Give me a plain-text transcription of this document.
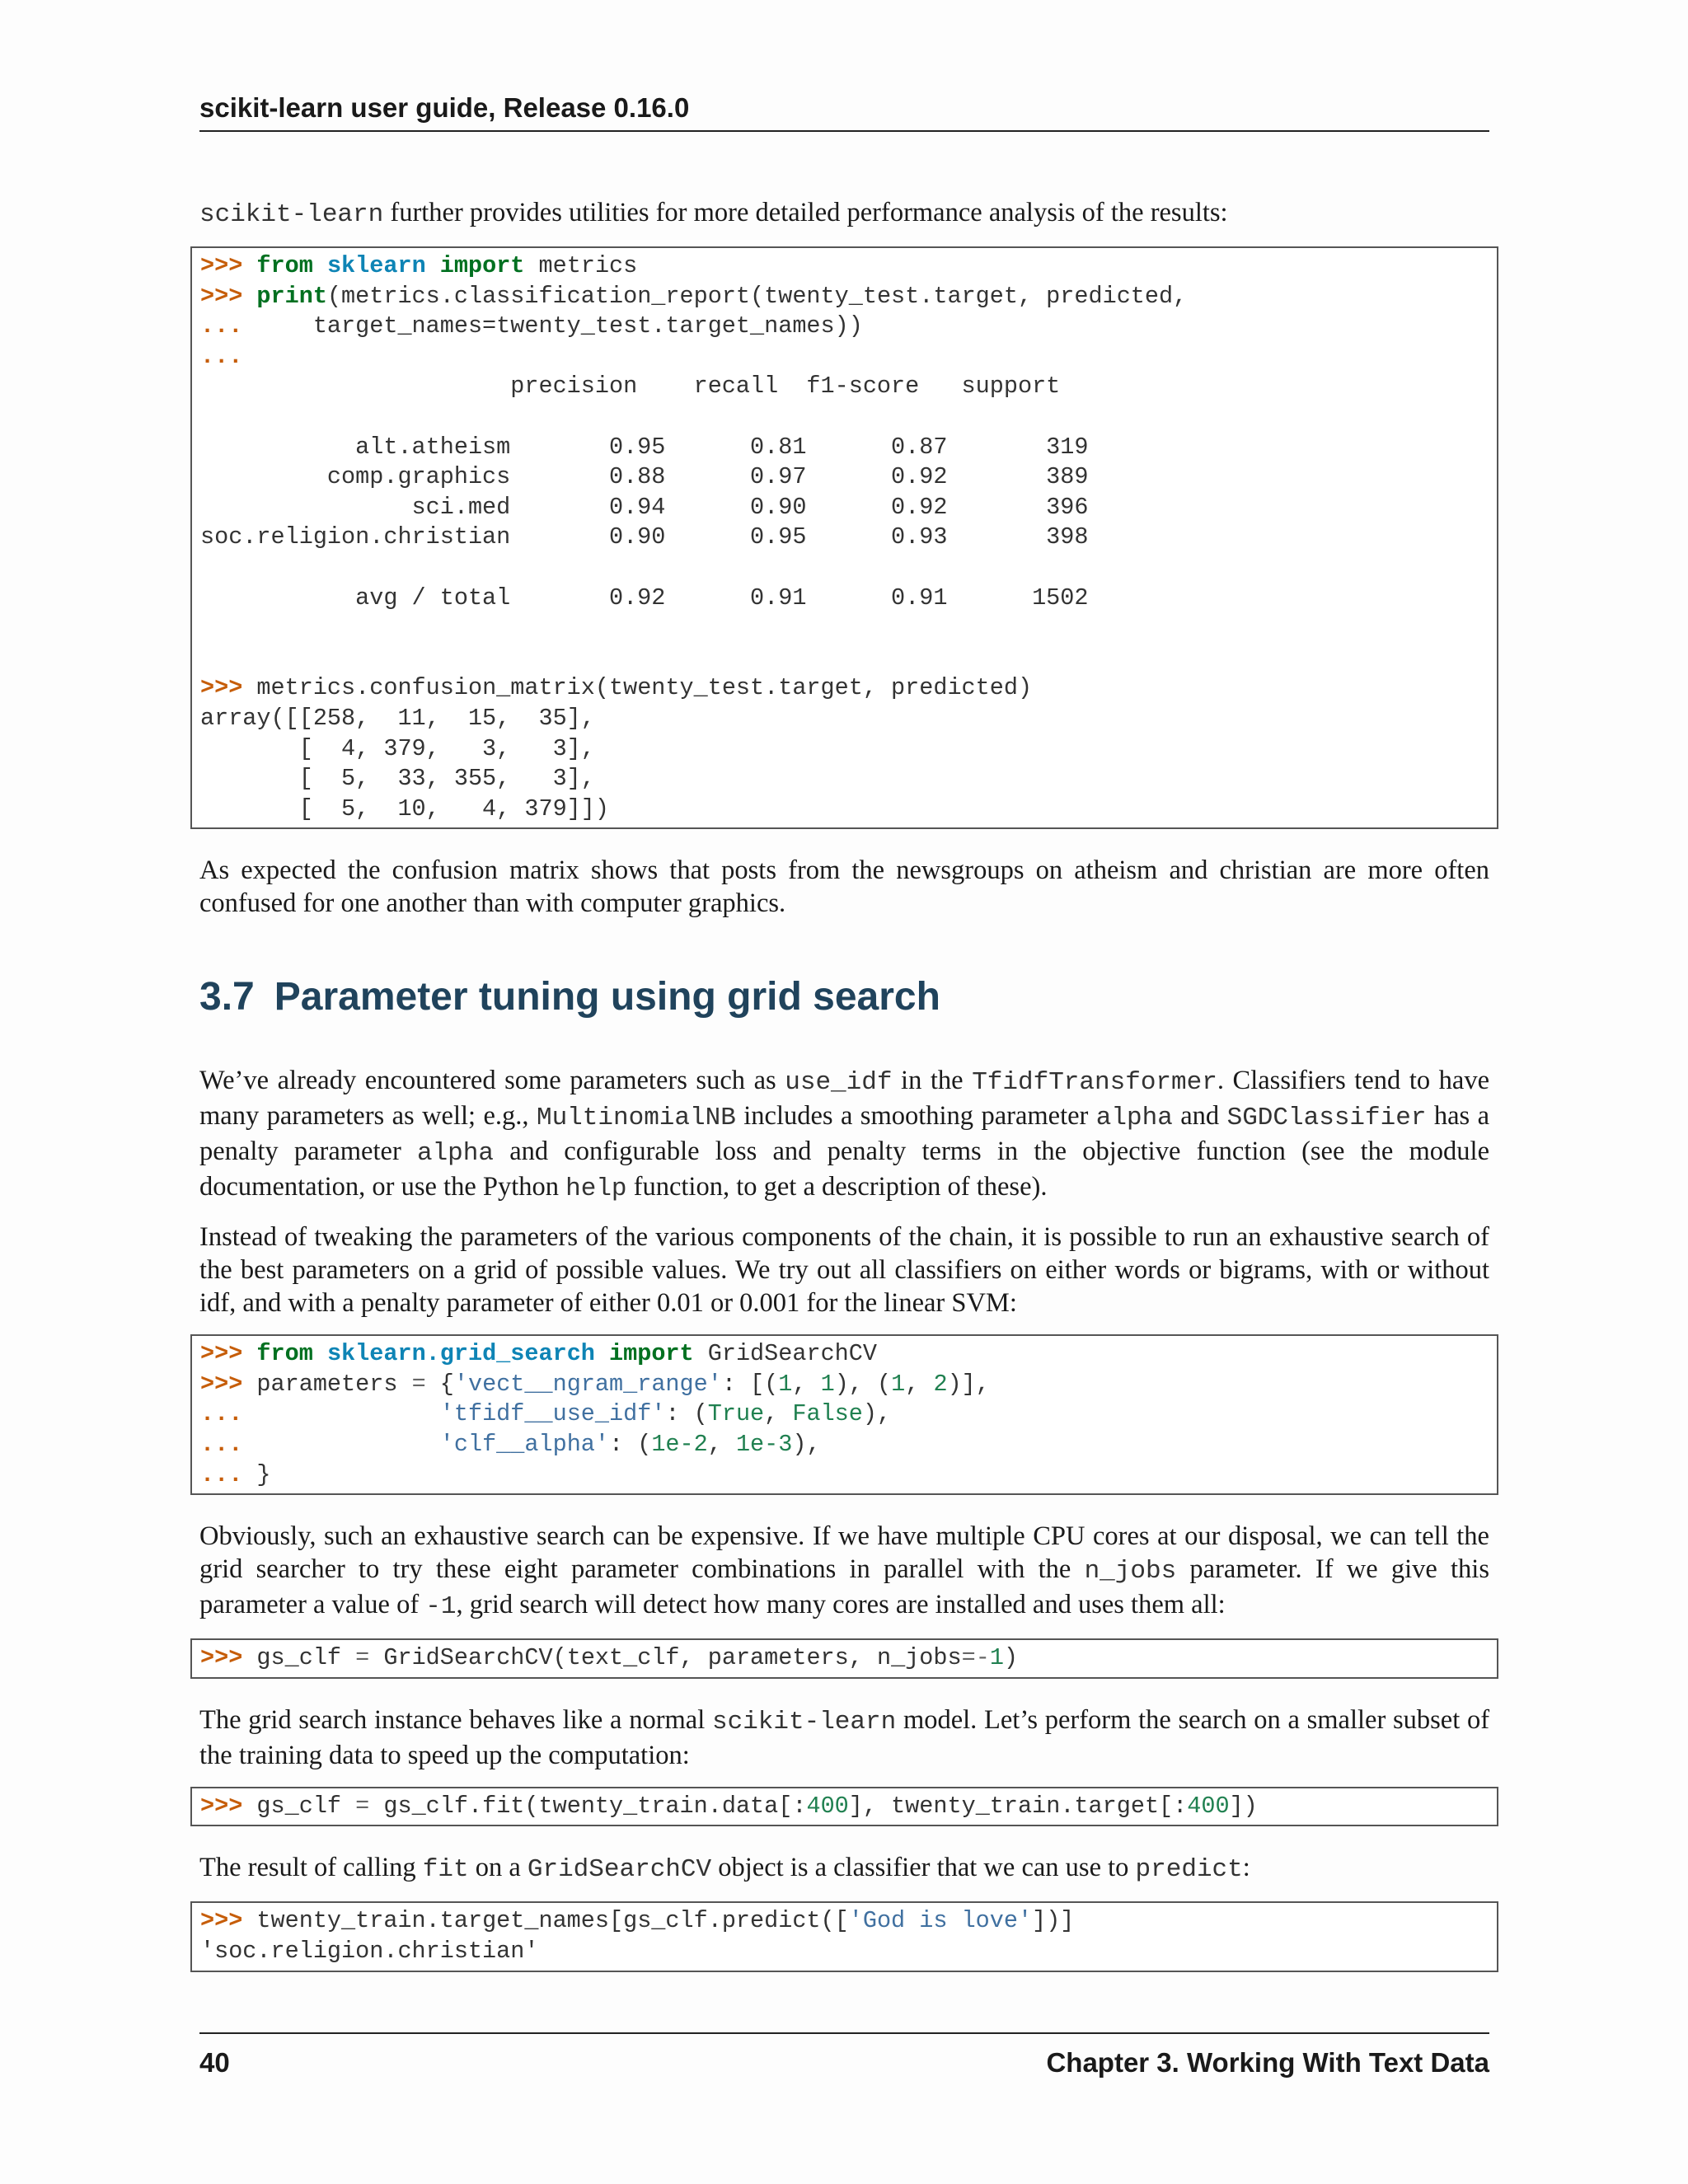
scikit-learn user guide, Release 0.16.0

scikit-learn further provides utilities for more detailed performance analysis of the results:

>>> from sklearn import metrics
>>> print(metrics.classification_report(twenty_test.target, predicted,
...     target_names=twenty_test.target_names))
...
precision    recall  f1-score   support
alt.atheism       0.95      0.81      0.87       319
comp.graphics       0.88      0.97      0.92       389
sci.med       0.94      0.90      0.92       396
soc.religion.christian       0.90      0.95      0.93       398
avg / total       0.92      0.91      0.91      1502
>>> metrics.confusion_matrix(twenty_test.target, predicted)
array([[258,  11,  15,  35],
[  4, 379,   3,   3],
[  5,  33, 355,   3],
[  5,  10,   4, 379]])

As expected the confusion matrix shows that posts from the newsgroups on atheism and christian are more often confused for one another than with computer graphics.

3.7 Parameter tuning using grid search

We’ve already encountered some parameters such as use_idf in the TfidfTransformer. Classifiers tend to have many parameters as well; e.g., MultinomialNB includes a smoothing parameter alpha and SGDClassifier has a penalty parameter alpha and configurable loss and penalty terms in the objective function (see the module documentation, or use the Python help function, to get a description of these).

Instead of tweaking the parameters of the various components of the chain, it is possible to run an exhaustive search of the best parameters on a grid of possible values. We try out all classifiers on either words or bigrams, with or without idf, and with a penalty parameter of either 0.01 or 0.001 for the linear SVM:

>>> from sklearn.grid_search import GridSearchCV
>>> parameters = {'vect__ngram_range': [(1, 1), (1, 2)],
...	'tfidf__use_idf': (True, False),
...	'clf__alpha': (1e-2, 1e-3),
... }

Obviously, such an exhaustive search can be expensive. If we have multiple CPU cores at our disposal, we can tell the grid searcher to try these eight parameter combinations in parallel with the n_jobs parameter. If we give this parameter a value of -1, grid search will detect how many cores are installed and uses them all:

>>> gs_clf = GridSearchCV(text_clf, parameters, n_jobs=-1)

The grid search instance behaves like a normal scikit-learn model. Let’s perform the search on a smaller subset of the training data to speed up the computation:

>>> gs_clf = gs_clf.fit(twenty_train.data[:400], twenty_train.target[:400])

The result of calling fit on a GridSearchCV object is a classifier that we can use to predict:

>>> twenty_train.target_names[gs_clf.predict(['God is love'])]
'soc.religion.christian'
40	Chapter 3. Working With Text Data
